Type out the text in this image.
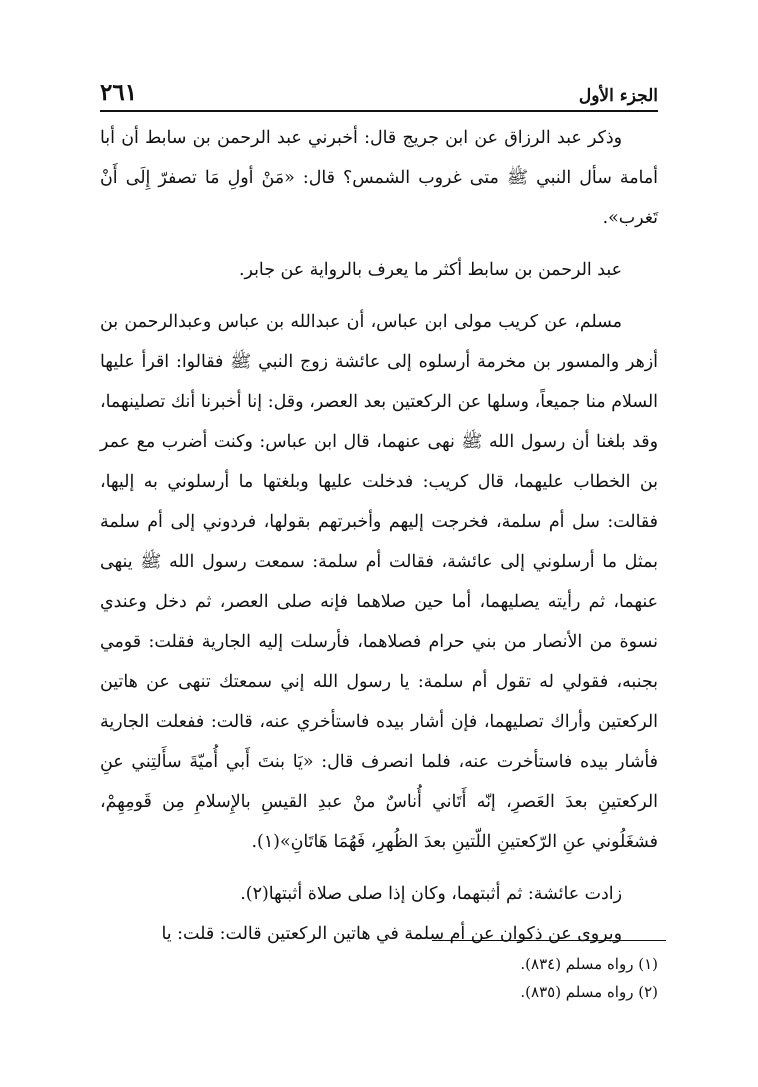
الجزء الأول
٢٦١

وذكر عبد الرزاق عن ابن جريج قال: أخبرني عبد الرحمن بن سابط أن أبا أمامة سأل النبي ﷺ متى غروب الشمس؟ قال: «مَنْ أولِ مَا تصفرّ إِلَى أَنْ تَغرب».

عبد الرحمن بن سابط أكثر ما يعرف بالرواية عن جابر.

مسلم، عن كريب مولى ابن عباس، أن عبدالله بن عباس وعبدالرحمن بن أزهر والمسور بن مخرمة أرسلوه إلى عائشة زوج النبي ﷺ فقالوا: اقرأ عليها السلام منا جميعاً، وسلها عن الركعتين بعد العصر، وقل: إنا أخبرنا أنك تصلينهما، وقد بلغنا أن رسول الله ﷺ نهى عنهما، قال ابن عباس: وكنت أضرب مع عمر بن الخطاب عليهما، قال كريب: فدخلت عليها وبلغتها ما أرسلوني به إليها، فقالت: سل أم سلمة، فخرجت إليهم وأخبرتهم بقولها، فردوني إلى أم سلمة بمثل ما أرسلوني إلى عائشة، فقالت أم سلمة: سمعت رسول الله ﷺ ينهى عنهما، ثم رأيته يصليهما، أما حين صلاهما فإنه صلى العصر، ثم دخل وعندي نسوة من الأنصار من بني حرام فصلاهما، فأرسلت إليه الجارية فقلت: قومي بجنبه، فقولي له تقول أم سلمة: يا رسول الله إني سمعتك تنهى عن هاتين الركعتين وأراك تصليهما، فإن أشار بيده فاستأخري عنه، قالت: ففعلت الجارية فأشار بيده فاستأخرت عنه، فلما انصرف قال: «يَا بنتَ أَبي أُميّةَ سأَلتِني عنِ الركعتينِ بعدَ العَصرِ، إنّه أَتَاني أُناسٌ منْ عبدِ القيسِ بالإِسلامِ مِن قَومِهِمْ، فشغَلُوني عنِ الرّكعتينِ اللّتينِ بعدَ الظُهرِ، فَهُمَا هَاتَانِ»(١).

زادت عائشة: ثم أثبتهما، وكان إذا صلى صلاة أثبتها(٢).

ويروى عن ذكوان عن أم سلمة في هاتين الركعتين قالت: قلت: يا

(١) رواه مسلم (٨٣٤).

(٢) رواه مسلم (٨٣٥).
